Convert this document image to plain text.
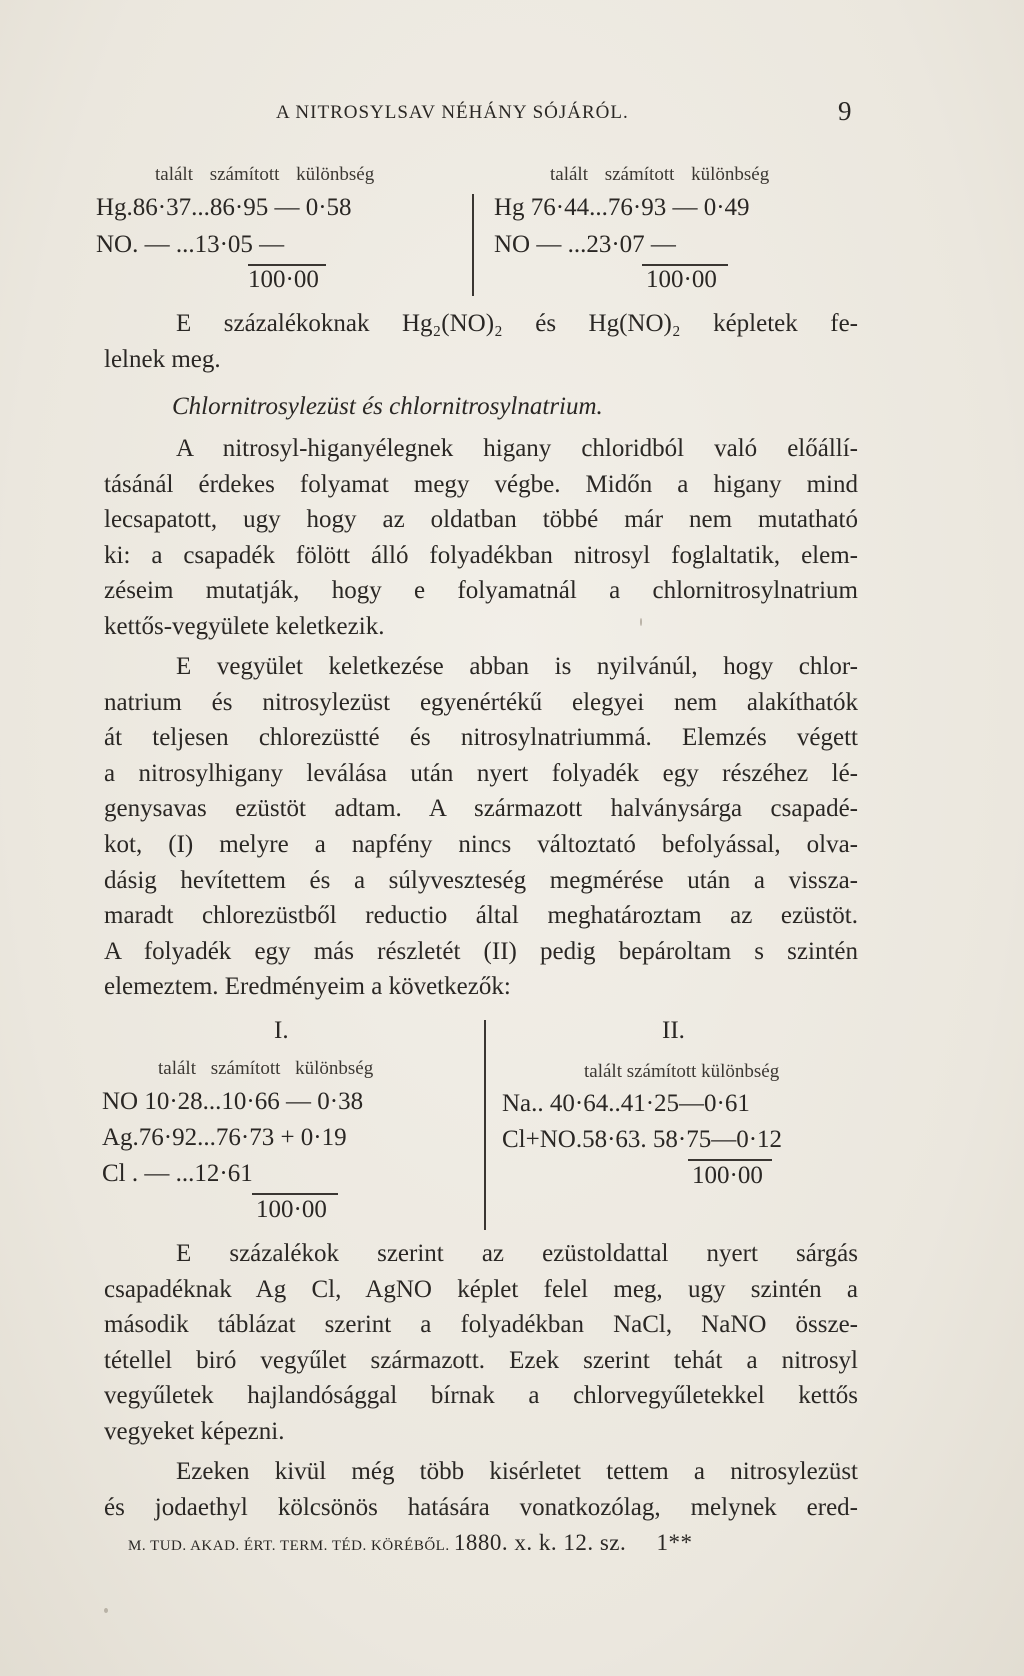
A NITROSYLSAV NÉHÁNY SÓJÁRÓL.	9
talált számított különbség	talált számított különbség
Hg.86·37...86·95 — 0·58
NO. — ...13·05 —
100·00
Hg 76·44...76·93 — 0·49
NO — ...23·07 —
100·00
E százalékoknak Hg₂(NO)₂ és Hg(NO)₂ képletek fe-
lelnek meg.
Chlornitrosylezüst és chlornitrosylnatrium.
A nitrosyl-higanyélegnek higany chloridból való előállí-
tásánál érdekes folyamat megy végbe. Midőn a higany mind
lecsapatott, ugy hogy az oldatban többé már nem mutatható
ki: a csapadék fölött álló folyadékban nitrosyl foglaltatik, elem-
zéseim mutatják, hogy e folyamatnál a chlornitrosylnatrium
kettős-vegyülete keletkezik.
E vegyület keletkezése abban is nyilvánúl, hogy chlor-
natrium és nitrosylezüst egyenértékű elegyei nem alakíthatók
át teljesen chlorezüstté és nitrosylnatriummá. Elemzés végett
a nitrosylhigany leválása után nyert folyadék egy részéhez lé-
genysavas ezüstöt adtam. A származott halványsárga csapadé-
kot, (I) melyre a napfény nincs változtató befolyással, olva-
dásig hevítettem és a súlyveszteség megmérése után a vissza-
maradt chlorezüstből reductio által meghatároztam az ezüstöt.
A folyadék egy más részletét (II) pedig bepároltam s szintén
elemeztem. Eredményeim a következők:
I.	II.
talált számított különbség	talált számított különbség
NO 10·28...10·66 — 0·38
Ag.76·92...76·73 + 0·19
Cl . — ...12·61
100·00
Na.. 40·64..41·25—0·61
Cl+NO.58·63. 58·75—0·12
100·00
E százalékok szerint az ezüstoldattal nyert sárgás
csapadéknak Ag Cl, AgNO képlet felel meg, ugy szintén a
második táblázat szerint a folyadékban NaCl, NaNO össze-
tétellel biró vegyűlet származott. Ezek szerint tehát a nitrosyl
vegyűletek hajlandósággal bírnak a chlorvegyűletekkel kettős
vegyeket képezni.
Ezeken kivül még több kisérletet tettem a nitrosylezüst
és jodaethyl kölcsönös hatására vonatkozólag, melynek ered-
M. TUD. AKAD. ÉRT. TERM. TÉD. KÖRÉBŐL. 1880. x. k. 12. sz. 1**
